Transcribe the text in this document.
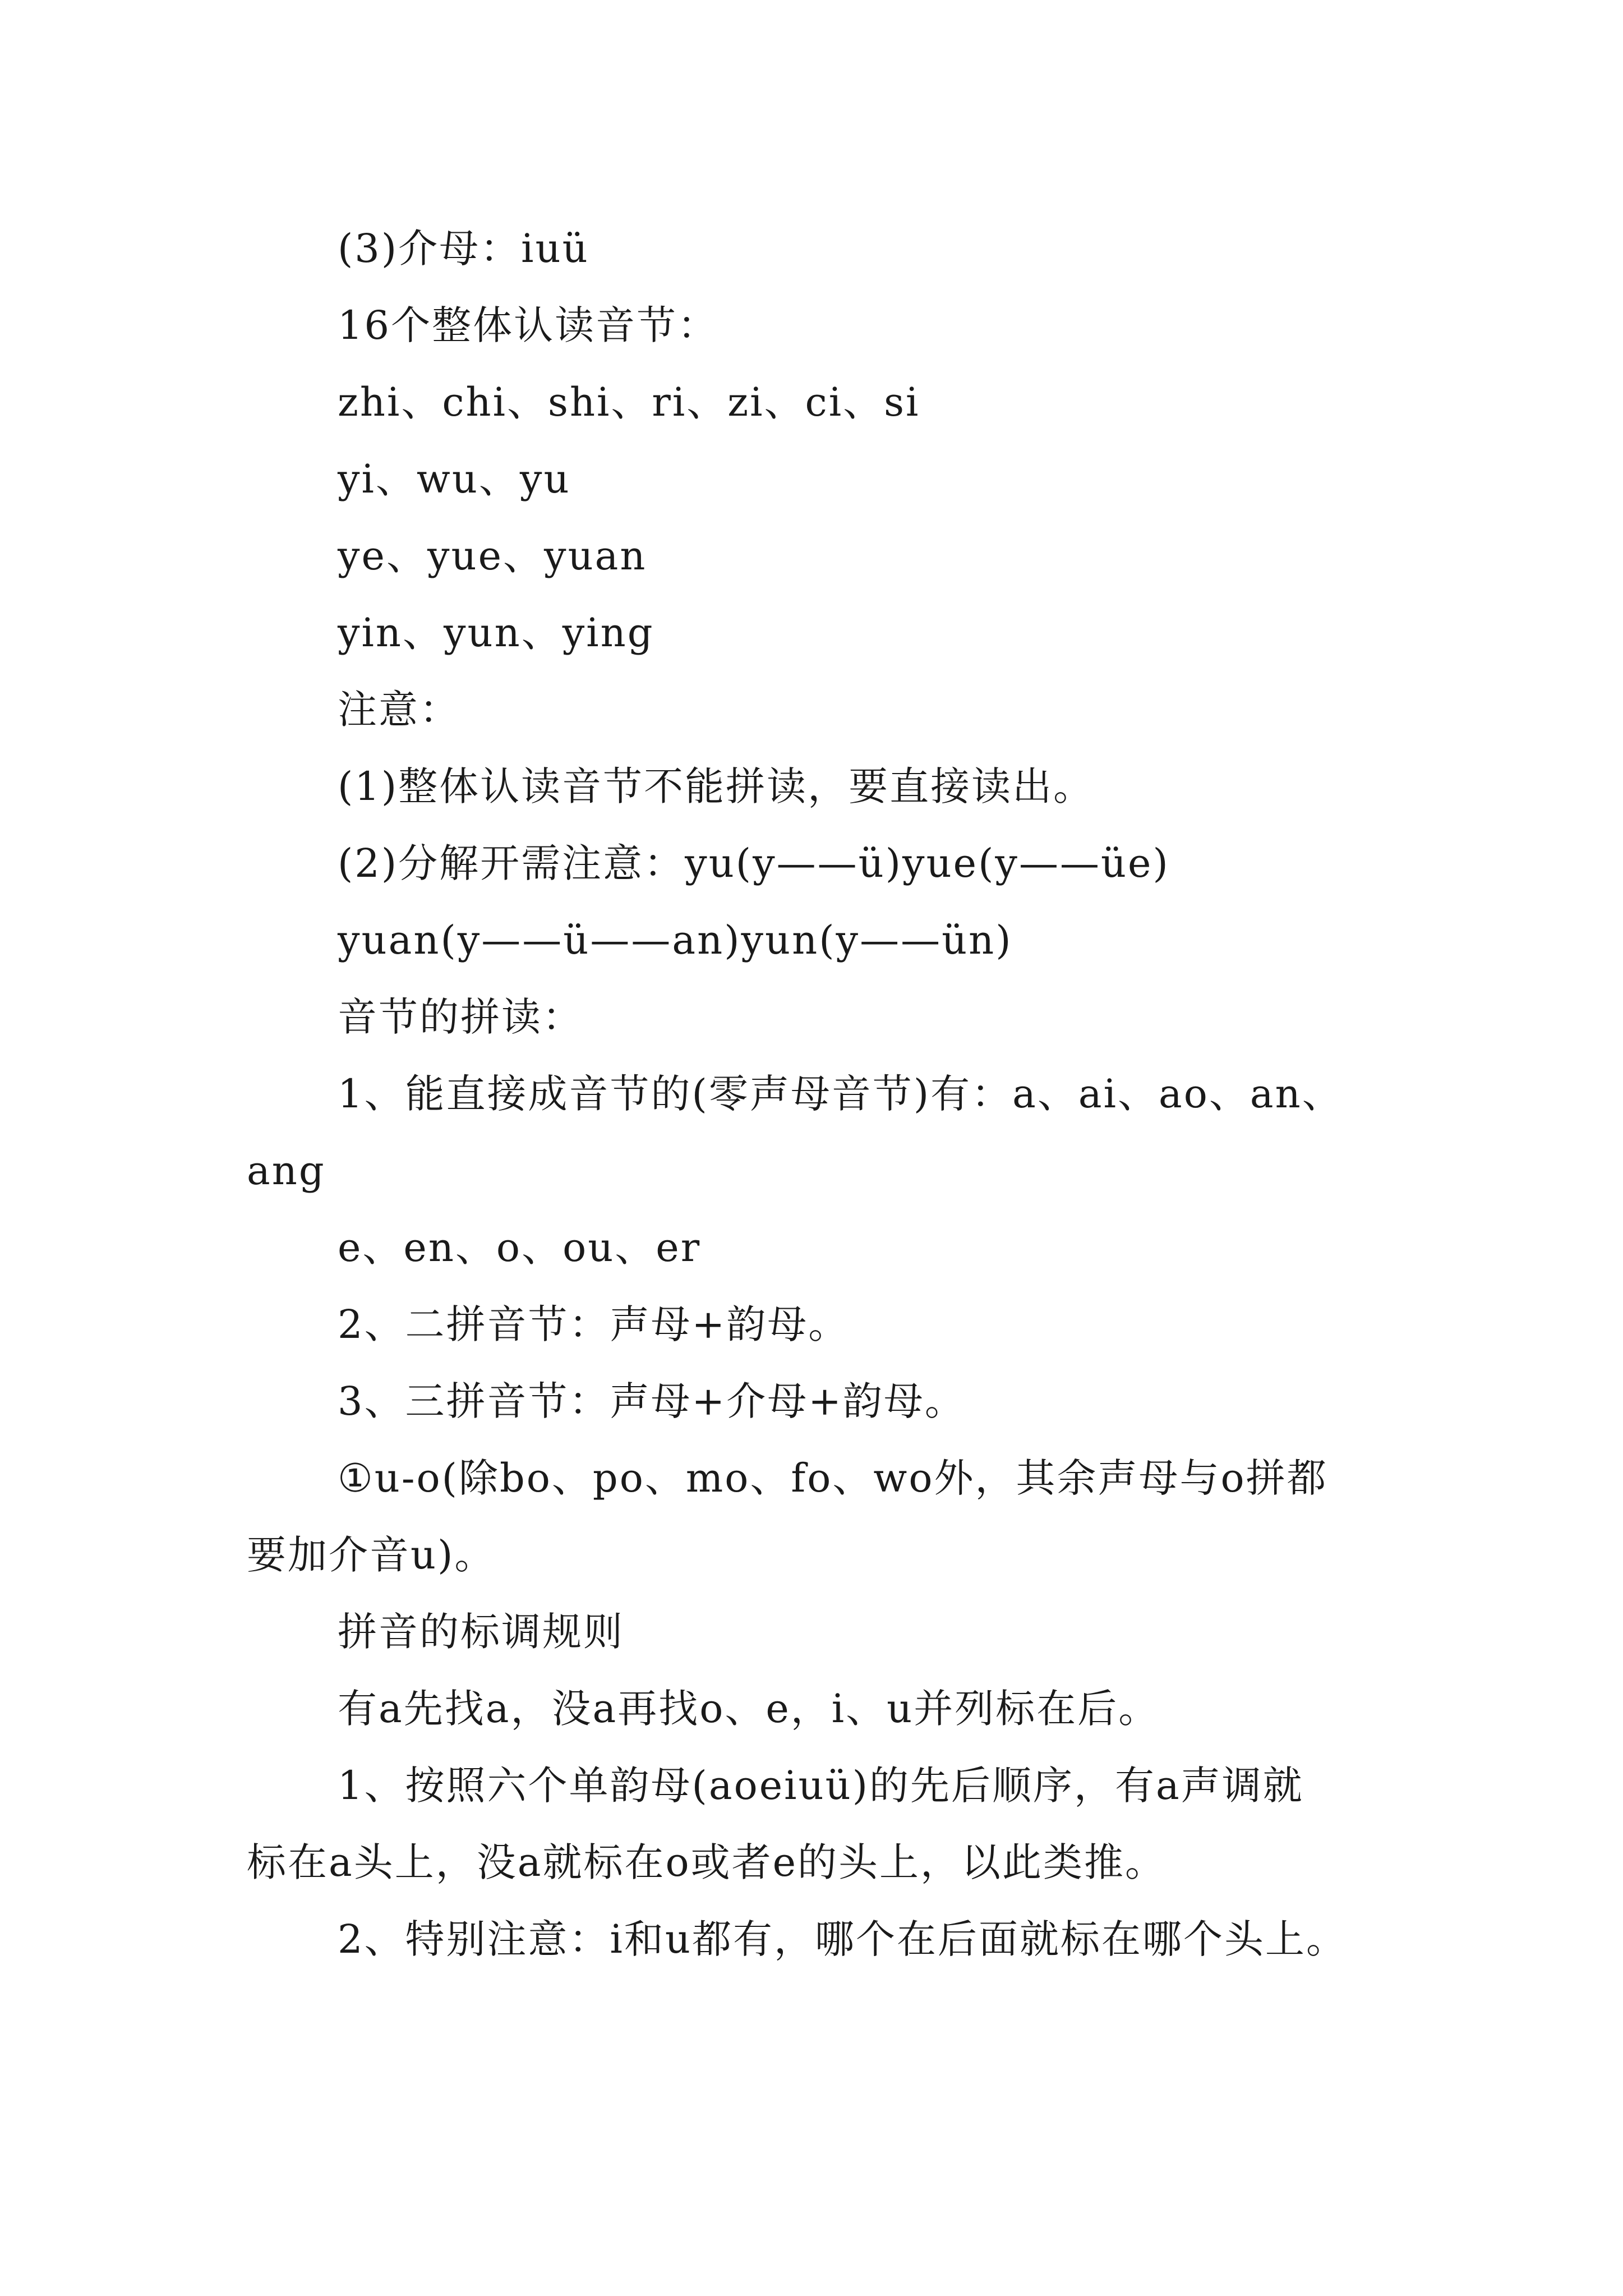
(3)介母：iuü
16个整体认读音节：
zhi、chi、shi、ri、zi、ci、si
yi、wu、yu
ye、yue、yuan
yin、yun、ying
注意：
(1)整体认读音节不能拼读，要直接读出。
(2)分解开需注意：yu(y——ü)yue(y——üe)
yuan(y——ü——an)yun(y——ün)
音节的拼读：
1、能直接成音节的(零声母音节)有：a、ai、ao、an、
ang
e、en、o、ou、er
2、二拼音节：声母+韵母。
3、三拼音节：声母+介母+韵母。
①u-o(除bo、po、mo、fo、wo外，其余声母与o拼都
要加介音u)。
拼音的标调规则
有a先找a，没a再找o、e，i、u并列标在后。
1、按照六个单韵母(aoeiuü)的先后顺序，有a声调就
标在a头上，没a就标在o或者e的头上，以此类推。
2、特别注意：i和u都有，哪个在后面就标在哪个头上。
